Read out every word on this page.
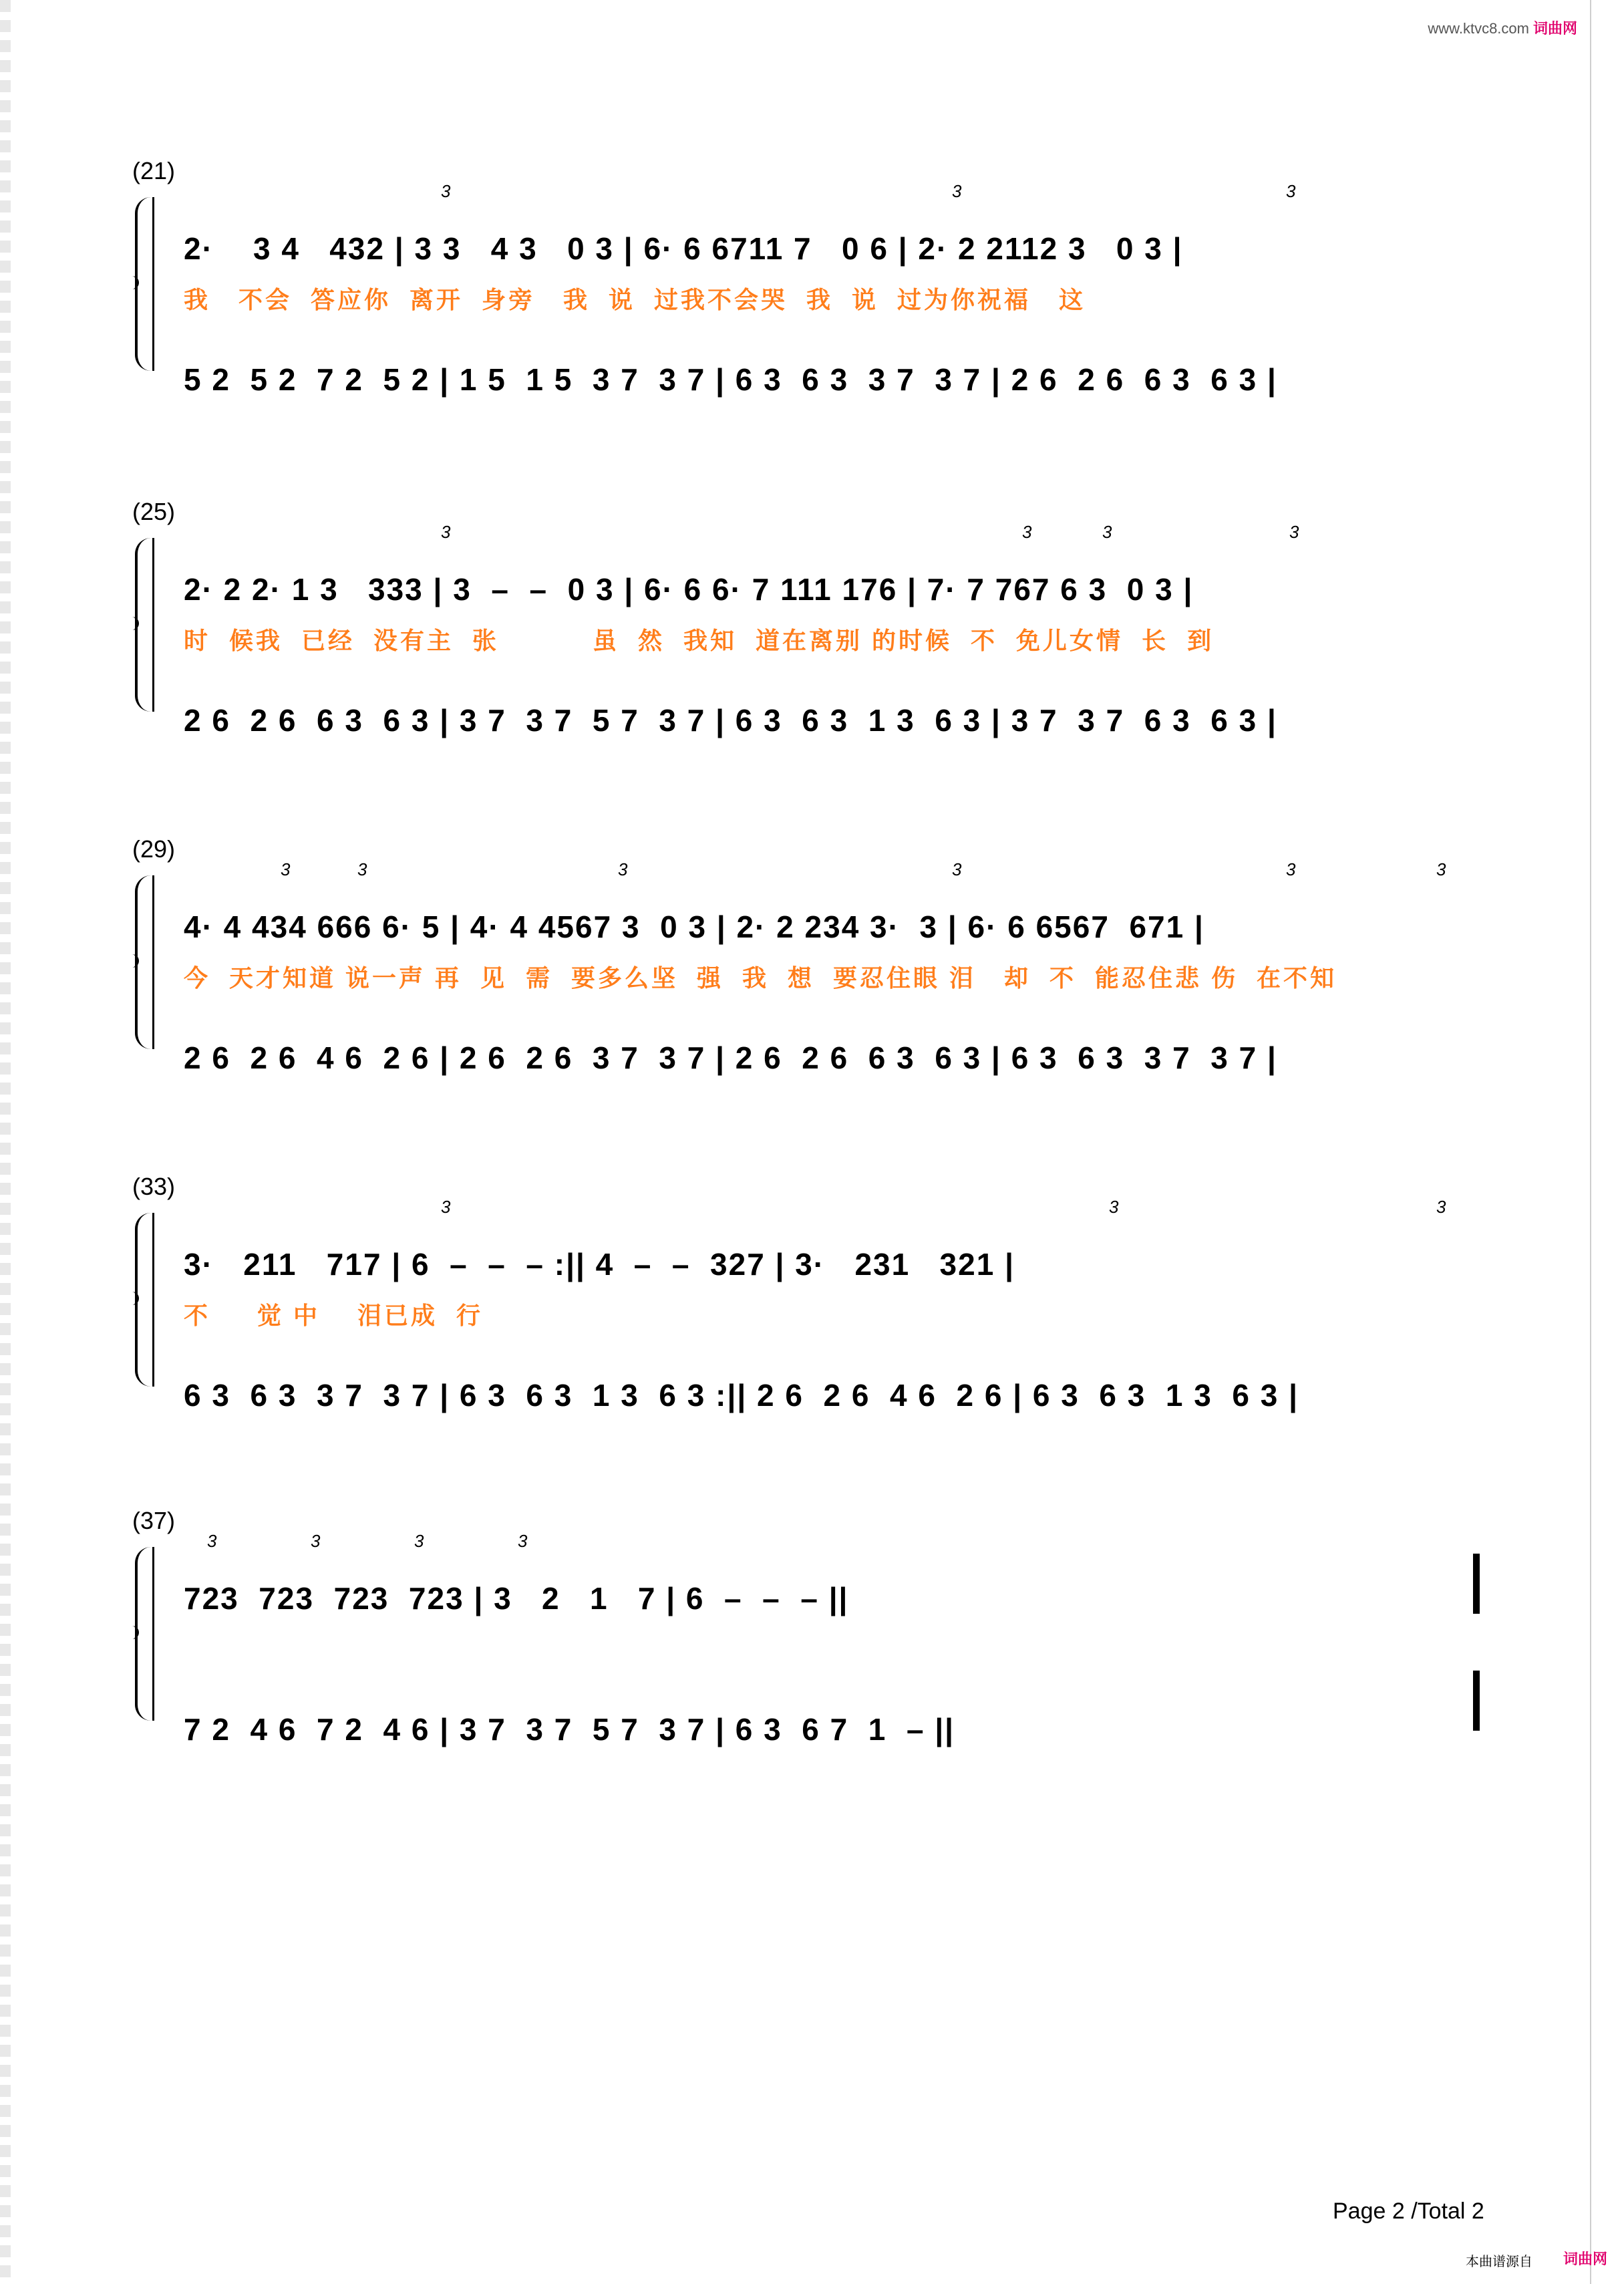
www.ktvc8.com 词曲网
(21)
3	3	3
2·    3 4   432 | 3 3   4 3   0 3 | 6· 6 6711 7   0 6 | 2· 2 2112 3   0 3 |
我   不会  答应你  离开  身旁   我  说  过我不会哭  我  说  过为你祝福   这
5 2  5 2  7 2  5 2 | 1 5  1 5  3 7  3 7 | 6 3  6 3  3 7  3 7 | 2 6  2 6  6 3  6 3 |
(25)
3	3	3	3
2· 2 2· 1 3   333 | 3  –  –  0 3 | 6· 6 6· 7 111 176 | 7· 7 767 6 3  0 3 |
时  候我  已经  没有主  张          虽  然  我知  道在离别 的时候  不  免儿女情  长  到
2 6  2 6  6 3  6 3 | 3 7  3 7  5 7  3 7 | 6 3  6 3  1 3  6 3 | 3 7  3 7  6 3  6 3 |
(29)
3	3	3	3	3	3
4· 4 434 666 6· 5 | 4· 4 4567 3  0 3 | 2· 2 234 3·  3 | 6· 6 6567  671 |
今  天才知道 说一声 再  见  需  要多么坚  强  我  想  要忍住眼 泪   却  不  能忍住悲 伤  在不知
2 6  2 6  4 6  2 6 | 2 6  2 6  3 7  3 7 | 2 6  2 6  6 3  6 3 | 6 3  6 3  3 7  3 7 |
(33)
3	3	3
3·   211   717 | 6  –  –  – :|| 4  –  –  327 | 3·   231   321 |
不     觉 中    泪已成  行
6 3  6 3  3 7  3 7 | 6 3  6 3  1 3  6 3 :|| 2 6  2 6  4 6  2 6 | 6 3  6 3  1 3  6 3 |
(37)
3	3	3	3
723  723  723  723 | 3   2   1   7 | 6  –  –  – ||
7 2  4 6  7 2  4 6 | 3 7  3 7  5 7  3 7 | 6 3  6 7  1  – ||
Page 2 /Total 2
本曲谱源自 词曲网
